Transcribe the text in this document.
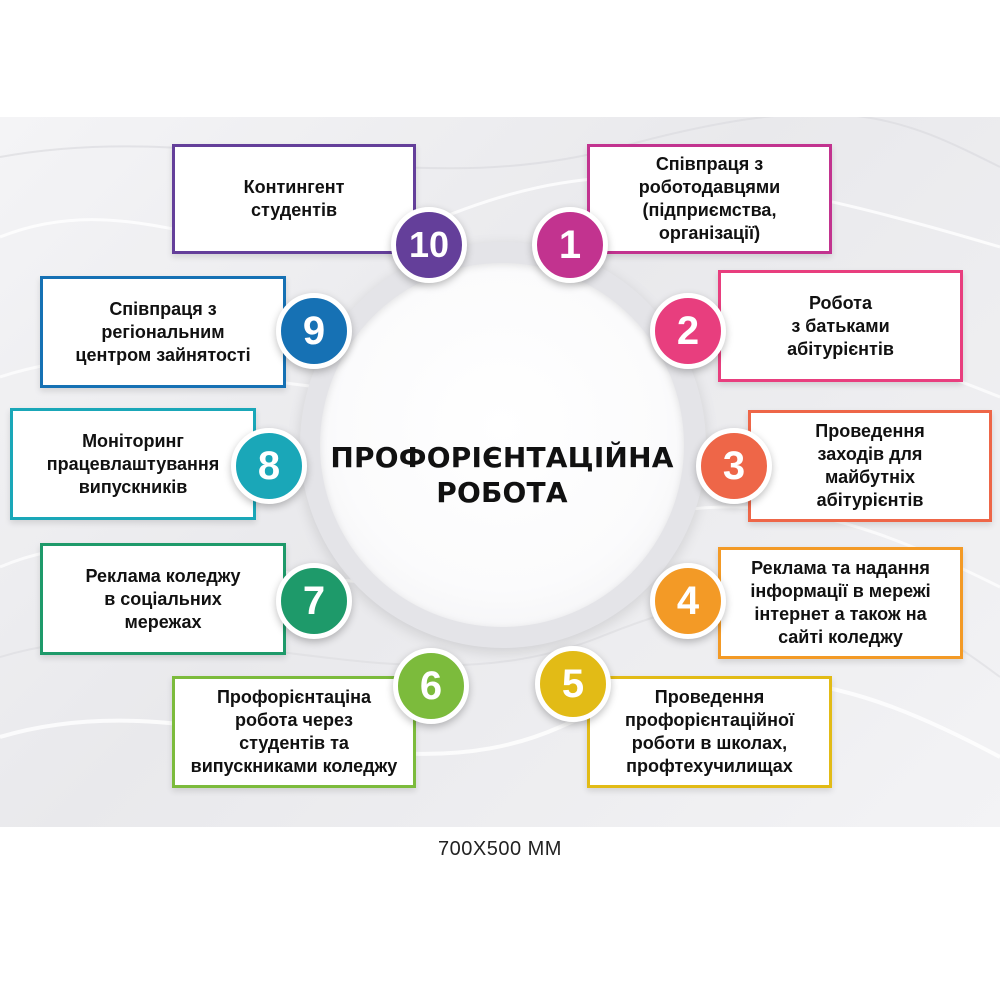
ПРОФОРІЄНТАЦІЙНА
РОБОТА
Співпраця з
роботодавцями
(підприємства,
організації)
1
Робота
з батьками
абітурієнтів
2
Проведення
заходів для
майбутніх
абітурієнтів
3
Реклама та надання
інформації в мережі
інтернет а також на
сайті коледжу
4
Проведення
профорієнтаційної
роботи в школах,
профтехучилищах
5
Профорієнтаціна
робота через
студентів та
випускниками коледжу
6
Реклама коледжу
в соціальних
мережах	7
Моніторинг
працевлаштування
випускників	8
Співпраця з
регіональним
центром зайнятості
9
Контингент
студентів
10
700Х500 ММ
